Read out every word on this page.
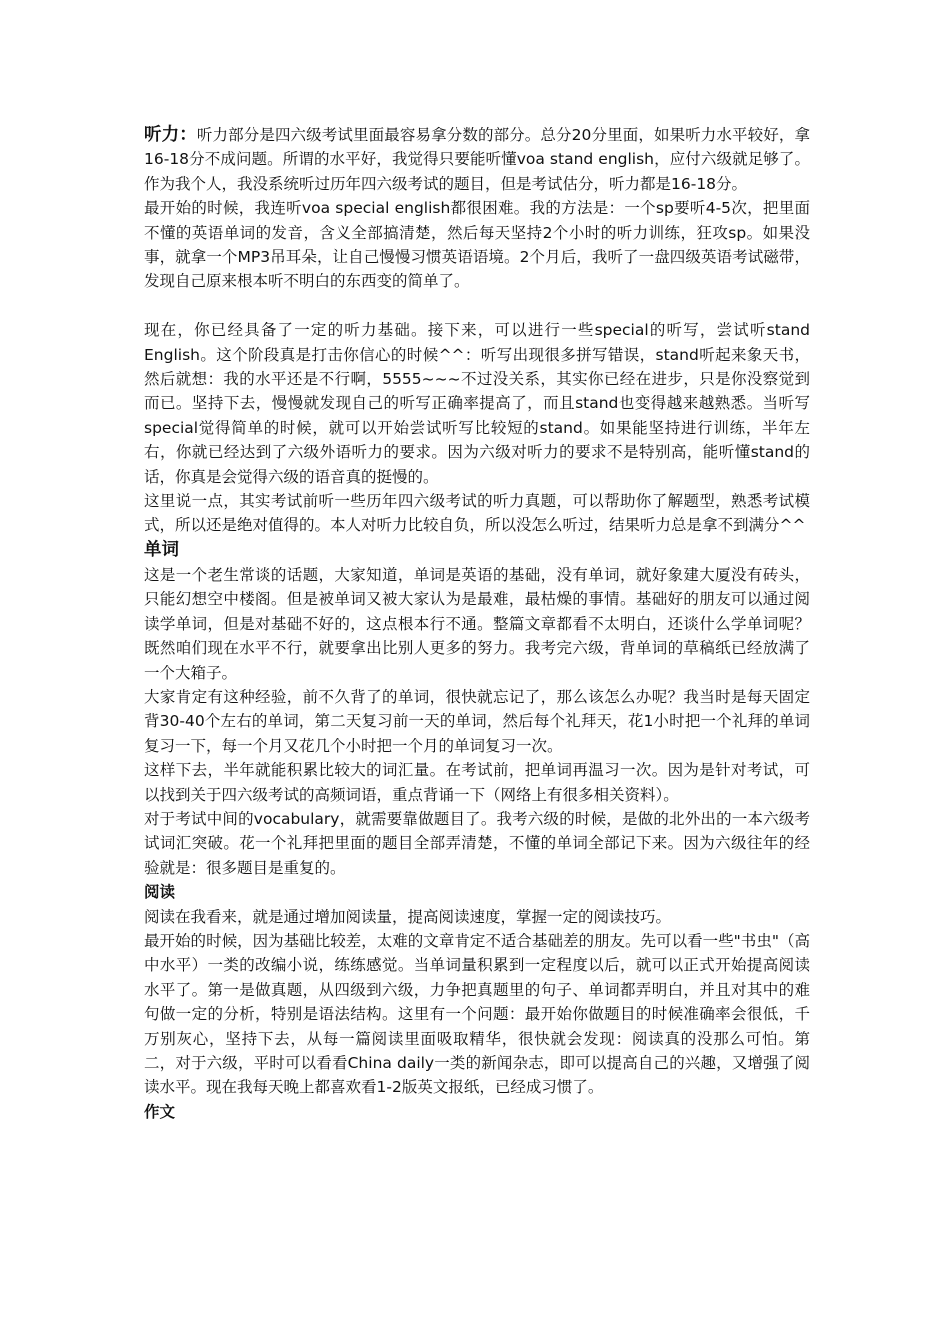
听力：听力部分是四六级考试里面最容易拿分数的部分。总分20分里面，如果听力水平较好，拿16-18分不成问题。所谓的水平好，我觉得只要能听懂voa stand english，应付六级就足够了。作为我个人，我没系统听过历年四六级考试的题目，但是考试估分，听力都是16-18分。

最开始的时候，我连听voa special english都很困难。我的方法是：一个sp要听4-5次，把里面不懂的英语单词的发音，含义全部搞清楚，然后每天坚持2个小时的听力训练，狂攻sp。如果没事，就拿一个MP3吊耳朵，让自己慢慢习惯英语语境。2个月后，我听了一盘四级英语考试磁带，发现自己原来根本听不明白的东西变的简单了。

现在，你已经具备了一定的听力基础。接下来，可以进行一些special的听写，尝试听stand English。这个阶段真是打击你信心的时候^^：听写出现很多拼写错误，stand听起来象天书，然后就想：我的水平还是不行啊，5555~~~不过没关系，其实你已经在进步，只是你没察觉到而已。坚持下去，慢慢就发现自己的听写正确率提高了，而且stand也变得越来越熟悉。当听写special觉得简单的时候，就可以开始尝试听写比较短的stand。如果能坚持进行训练，半年左右，你就已经达到了六级外语听力的要求。因为六级对听力的要求不是特别高，能听懂stand的话，你真是会觉得六级的语音真的挺慢的。

这里说一点，其实考试前听一些历年四六级考试的听力真题，可以帮助你了解题型，熟悉考试模式，所以还是绝对值得的。本人对听力比较自负，所以没怎么听过，结果听力总是拿不到满分^^

单词

这是一个老生常谈的话题，大家知道，单词是英语的基础，没有单词，就好象建大厦没有砖头，只能幻想空中楼阁。但是被单词又被大家认为是最难，最枯燥的事情。基础好的朋友可以通过阅读学单词，但是对基础不好的，这点根本行不通。整篇文章都看不太明白，还谈什么学单词呢？既然咱们现在水平不行，就要拿出比别人更多的努力。我考完六级，背单词的草稿纸已经放满了一个大箱子。

大家肯定有这种经验，前不久背了的单词，很快就忘记了，那么该怎么办呢？我当时是每天固定背30-40个左右的单词，第二天复习前一天的单词，然后每个礼拜天，花1小时把一个礼拜的单词复习一下，每一个月又花几个小时把一个月的单词复习一次。

这样下去，半年就能积累比较大的词汇量。在考试前，把单词再温习一次。因为是针对考试，可以找到关于四六级考试的高频词语，重点背诵一下（网络上有很多相关资料）。

对于考试中间的vocabulary，就需要靠做题目了。我考六级的时候，是做的北外出的一本六级考试词汇突破。花一个礼拜把里面的题目全部弄清楚，不懂的单词全部记下来。因为六级往年的经验就是：很多题目是重复的。

阅读

阅读在我看来，就是通过增加阅读量，提高阅读速度，掌握一定的阅读技巧。

最开始的时候，因为基础比较差，太难的文章肯定不适合基础差的朋友。先可以看一些"书虫"（高中水平）一类的改编小说，练练感觉。当单词量积累到一定程度以后，就可以正式开始提高阅读水平了。第一是做真题，从四级到六级，力争把真题里的句子、单词都弄明白，并且对其中的难句做一定的分析，特别是语法结构。这里有一个问题：最开始你做题目的时候准确率会很低，千万别灰心，坚持下去，从每一篇阅读里面吸取精华，很快就会发现：阅读真的没那么可怕。第二，对于六级，平时可以看看China daily一类的新闻杂志，即可以提高自己的兴趣，又增强了阅读水平。现在我每天晚上都喜欢看1-2版英文报纸，已经成习惯了。

作文
